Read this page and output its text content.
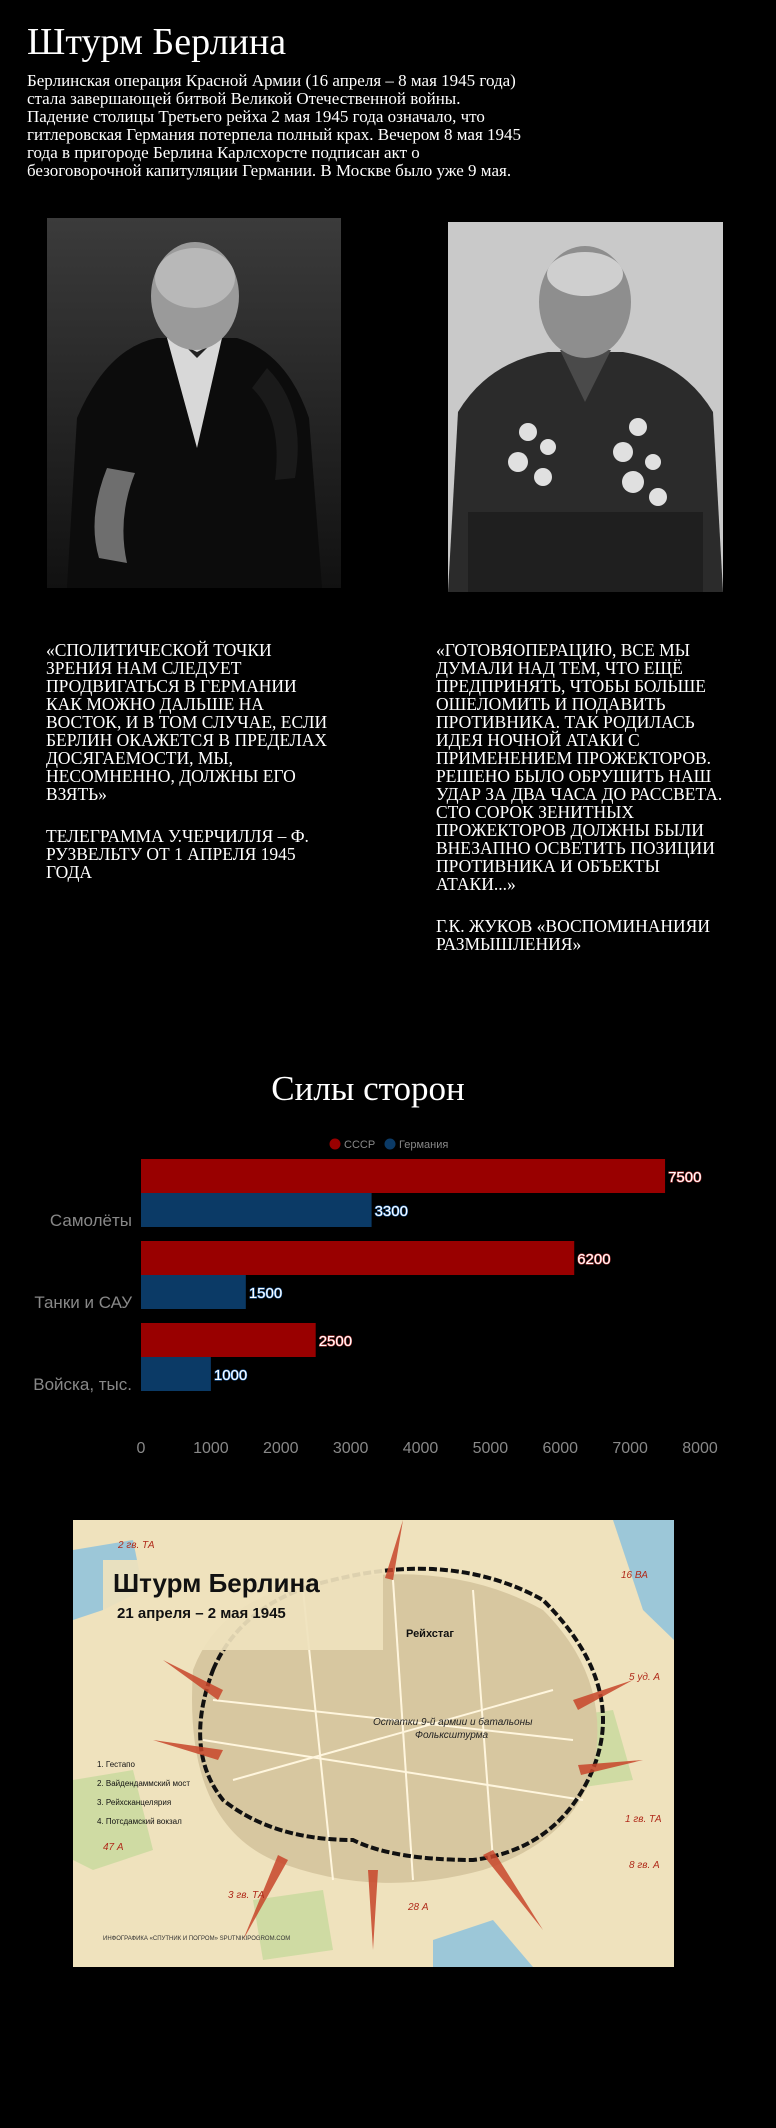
Штурм Берлина

Берлинская операция Красной Армии (16 апреля – 8 мая 1945 года) стала завершающей битвой Великой Отечественной войны. Падение столицы Третьего рейха 2 мая 1945 года означало, что гитлеровская Германия потерпела полный крах. Вечером 8 мая 1945 года в пригороде Берлина Карлсхорсте подписан акт о безоговорочной капитуляции Германии. В Москве было уже 9 мая.

«СПОЛИТИЧЕСКОЙ ТОЧКИ ЗРЕНИЯ НАМ СЛЕДУЕТ ПРОДВИГАТЬСЯ В ГЕРМАНИИ КАК МОЖНО ДАЛЬШЕ НА ВОСТОК, И В ТОМ СЛУЧАЕ, ЕСЛИ БЕРЛИН ОКАЖЕТСЯ В ПРЕДЕЛАХ ДОСЯГАЕМОСТИ, МЫ, НЕСОМНЕННО, ДОЛЖНЫ ЕГО ВЗЯТЬ»

ТЕЛЕГРАММА У.ЧЕРЧИЛЛЯ – Ф. РУЗВЕЛЬТУ ОТ 1 АПРЕЛЯ 1945 ГОДА

«ГОТОВЯОПЕРАЦИЮ, ВСЕ МЫ ДУМАЛИ НАД ТЕМ, ЧТО ЕЩЁ ПРЕДПРИНЯТЬ, ЧТОБЫ БОЛЬШЕ ОШЕЛОМИТЬ И ПОДАВИТЬ ПРОТИВНИКА. ТАК РОДИЛАСЬ ИДЕЯ НОЧНОЙ АТАКИ С ПРИМЕНЕНИЕМ ПРОЖЕКТОРОВ. РЕШЕНО БЫЛО ОБРУШИТЬ НАШ УДАР ЗА ДВА ЧАСА ДО РАССВЕТА. СТО СОРОК ЗЕНИТНЫХ ПРОЖЕКТОРОВ ДОЛЖНЫ БЫЛИ ВНЕЗАПНО ОСВЕТИТЬ ПОЗИЦИИ ПРОТИВНИКА И ОБЪЕКТЫ АТАКИ...»

Г.К. ЖУКОВ «ВОСПОМИНАНИЯИ РАЗМЫШЛЕНИЯ»

Силы сторон
СССР Германия
7500
3300
Самолёты
6200
1500
Танки и САУ
2500
1000
Войска, тыс.
0	1000 2000 3000 4000 5000 6000 7000 8000
Штурм Берлина
21 апреля – 2 мая 1945
Рейхстаг
Остатки 9-й армии и батальоны
Фольксштурма
1. Гестапо
2. Вайдендаммский мост
3. Рейхсканцелярия
4. Потсдамский вокзал
2 гв. ТА
16 ВА
5 уд. А
1 гв. ТА
8 гв. А
28 А
3 гв. ТА
47 А
ИНФОГРАФИКА «СПУТНИК И ПОГРОМ» SPUTNIKIPOGROM.COM
